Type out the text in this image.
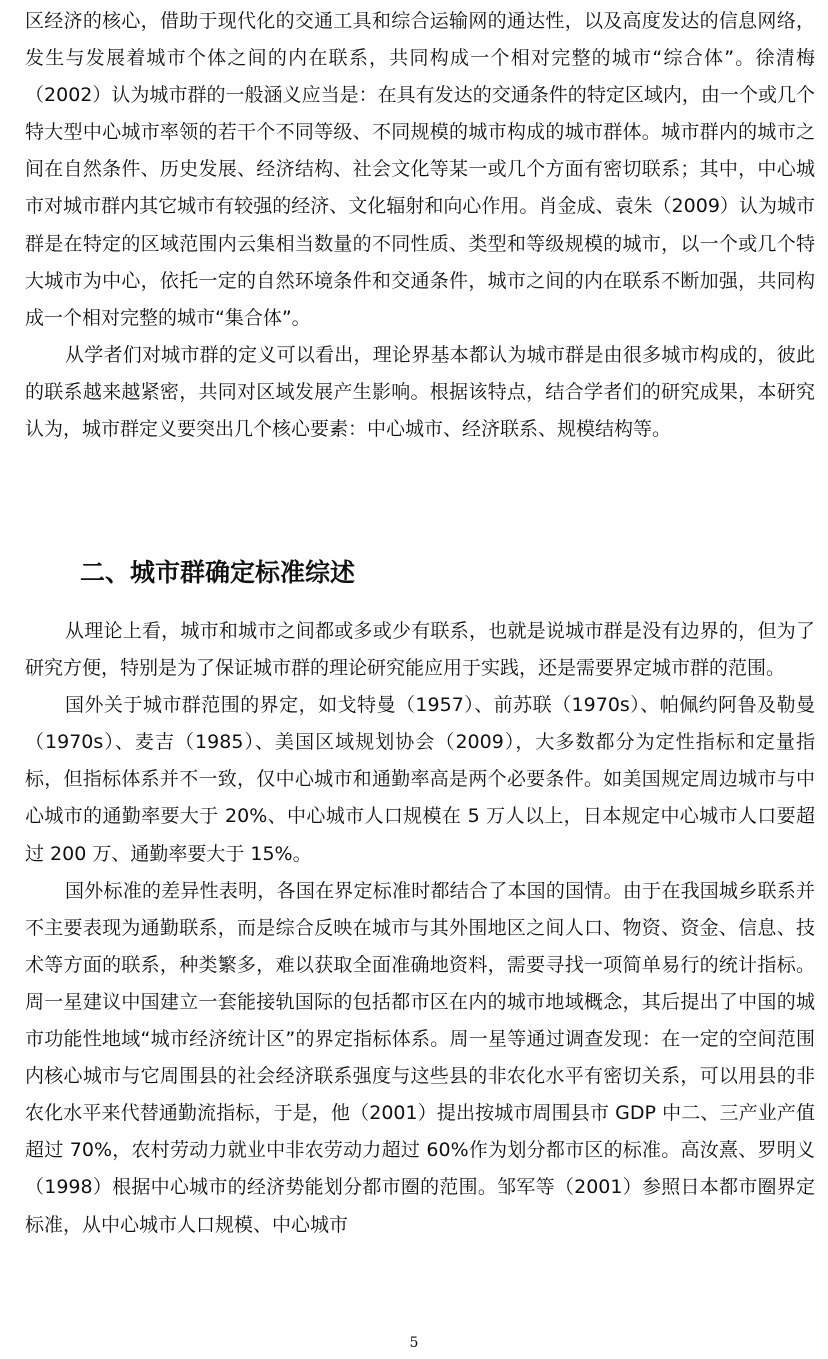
区经济的核心，借助于现代化的交通工具和综合运输网的通达性，以及高度发达的信息网络，发生与发展着城市个体之间的内在联系，共同构成一个相对完整的城市“综合体”。徐清梅（2002）认为城市群的一般涵义应当是：在具有发达的交通条件的特定区域内，由一个或几个特大型中心城市率领的若干个不同等级、不同规模的城市构成的城市群体。城市群内的城市之间在自然条件、历史发展、经济结构、社会文化等某一或几个方面有密切联系；其中，中心城市对城市群内其它城市有较强的经济、文化辐射和向心作用。肖金成、袁朱（2009）认为城市群是在特定的区域范围内云集相当数量的不同性质、类型和等级规模的城市，以一个或几个特大城市为中心，依托一定的自然环境条件和交通条件，城市之间的内在联系不断加强，共同构成一个相对完整的城市“集合体”。

从学者们对城市群的定义可以看出，理论界基本都认为城市群是由很多城市构成的，彼此的联系越来越紧密，共同对区域发展产生影响。根据该特点，结合学者们的研究成果，本研究认为，城市群定义要突出几个核心要素：中心城市、经济联系、规模结构等。

二、城市群确定标准综述

从理论上看，城市和城市之间都或多或少有联系，也就是说城市群是没有边界的，但为了研究方便，特别是为了保证城市群的理论研究能应用于实践，还是需要界定城市群的范围。

国外关于城市群范围的界定，如戈特曼（1957）、前苏联（1970s）、帕佩约阿鲁及勒曼（1970s）、麦吉（1985）、美国区域规划协会（2009），大多数都分为定性指标和定量指标，但指标体系并不一致，仅中心城市和通勤率高是两个必要条件。如美国规定周边城市与中心城市的通勤率要大于 20%、中心城市人口规模在 5 万人以上，日本规定中心城市人口要超过 200 万、通勤率要大于 15%。

国外标准的差异性表明，各国在界定标准时都结合了本国的国情。由于在我国城乡联系并不主要表现为通勤联系，而是综合反映在城市与其外围地区之间人口、物资、资金、信息、技术等方面的联系，种类繁多，难以获取全面准确地资料，需要寻找一项简单易行的统计指标。周一星建议中国建立一套能接轨国际的包括都市区在内的城市地域概念，其后提出了中国的城市功能性地域“城市经济统计区”的界定指标体系。周一星等通过调查发现：在一定的空间范围内核心城市与它周围县的社会经济联系强度与这些县的非农化水平有密切关系，可以用县的非农化水平来代替通勤流指标，于是，他（2001）提出按城市周围县市 GDP 中二、三产业产值超过 70%，农村劳动力就业中非农劳动力超过 60%作为划分都市区的标准。高汝熹、罗明义（1998）根据中心城市的经济势能划分都市圈的范围。邹军等（2001）参照日本都市圈界定标准，从中心城市人口规模、中心城市

5
